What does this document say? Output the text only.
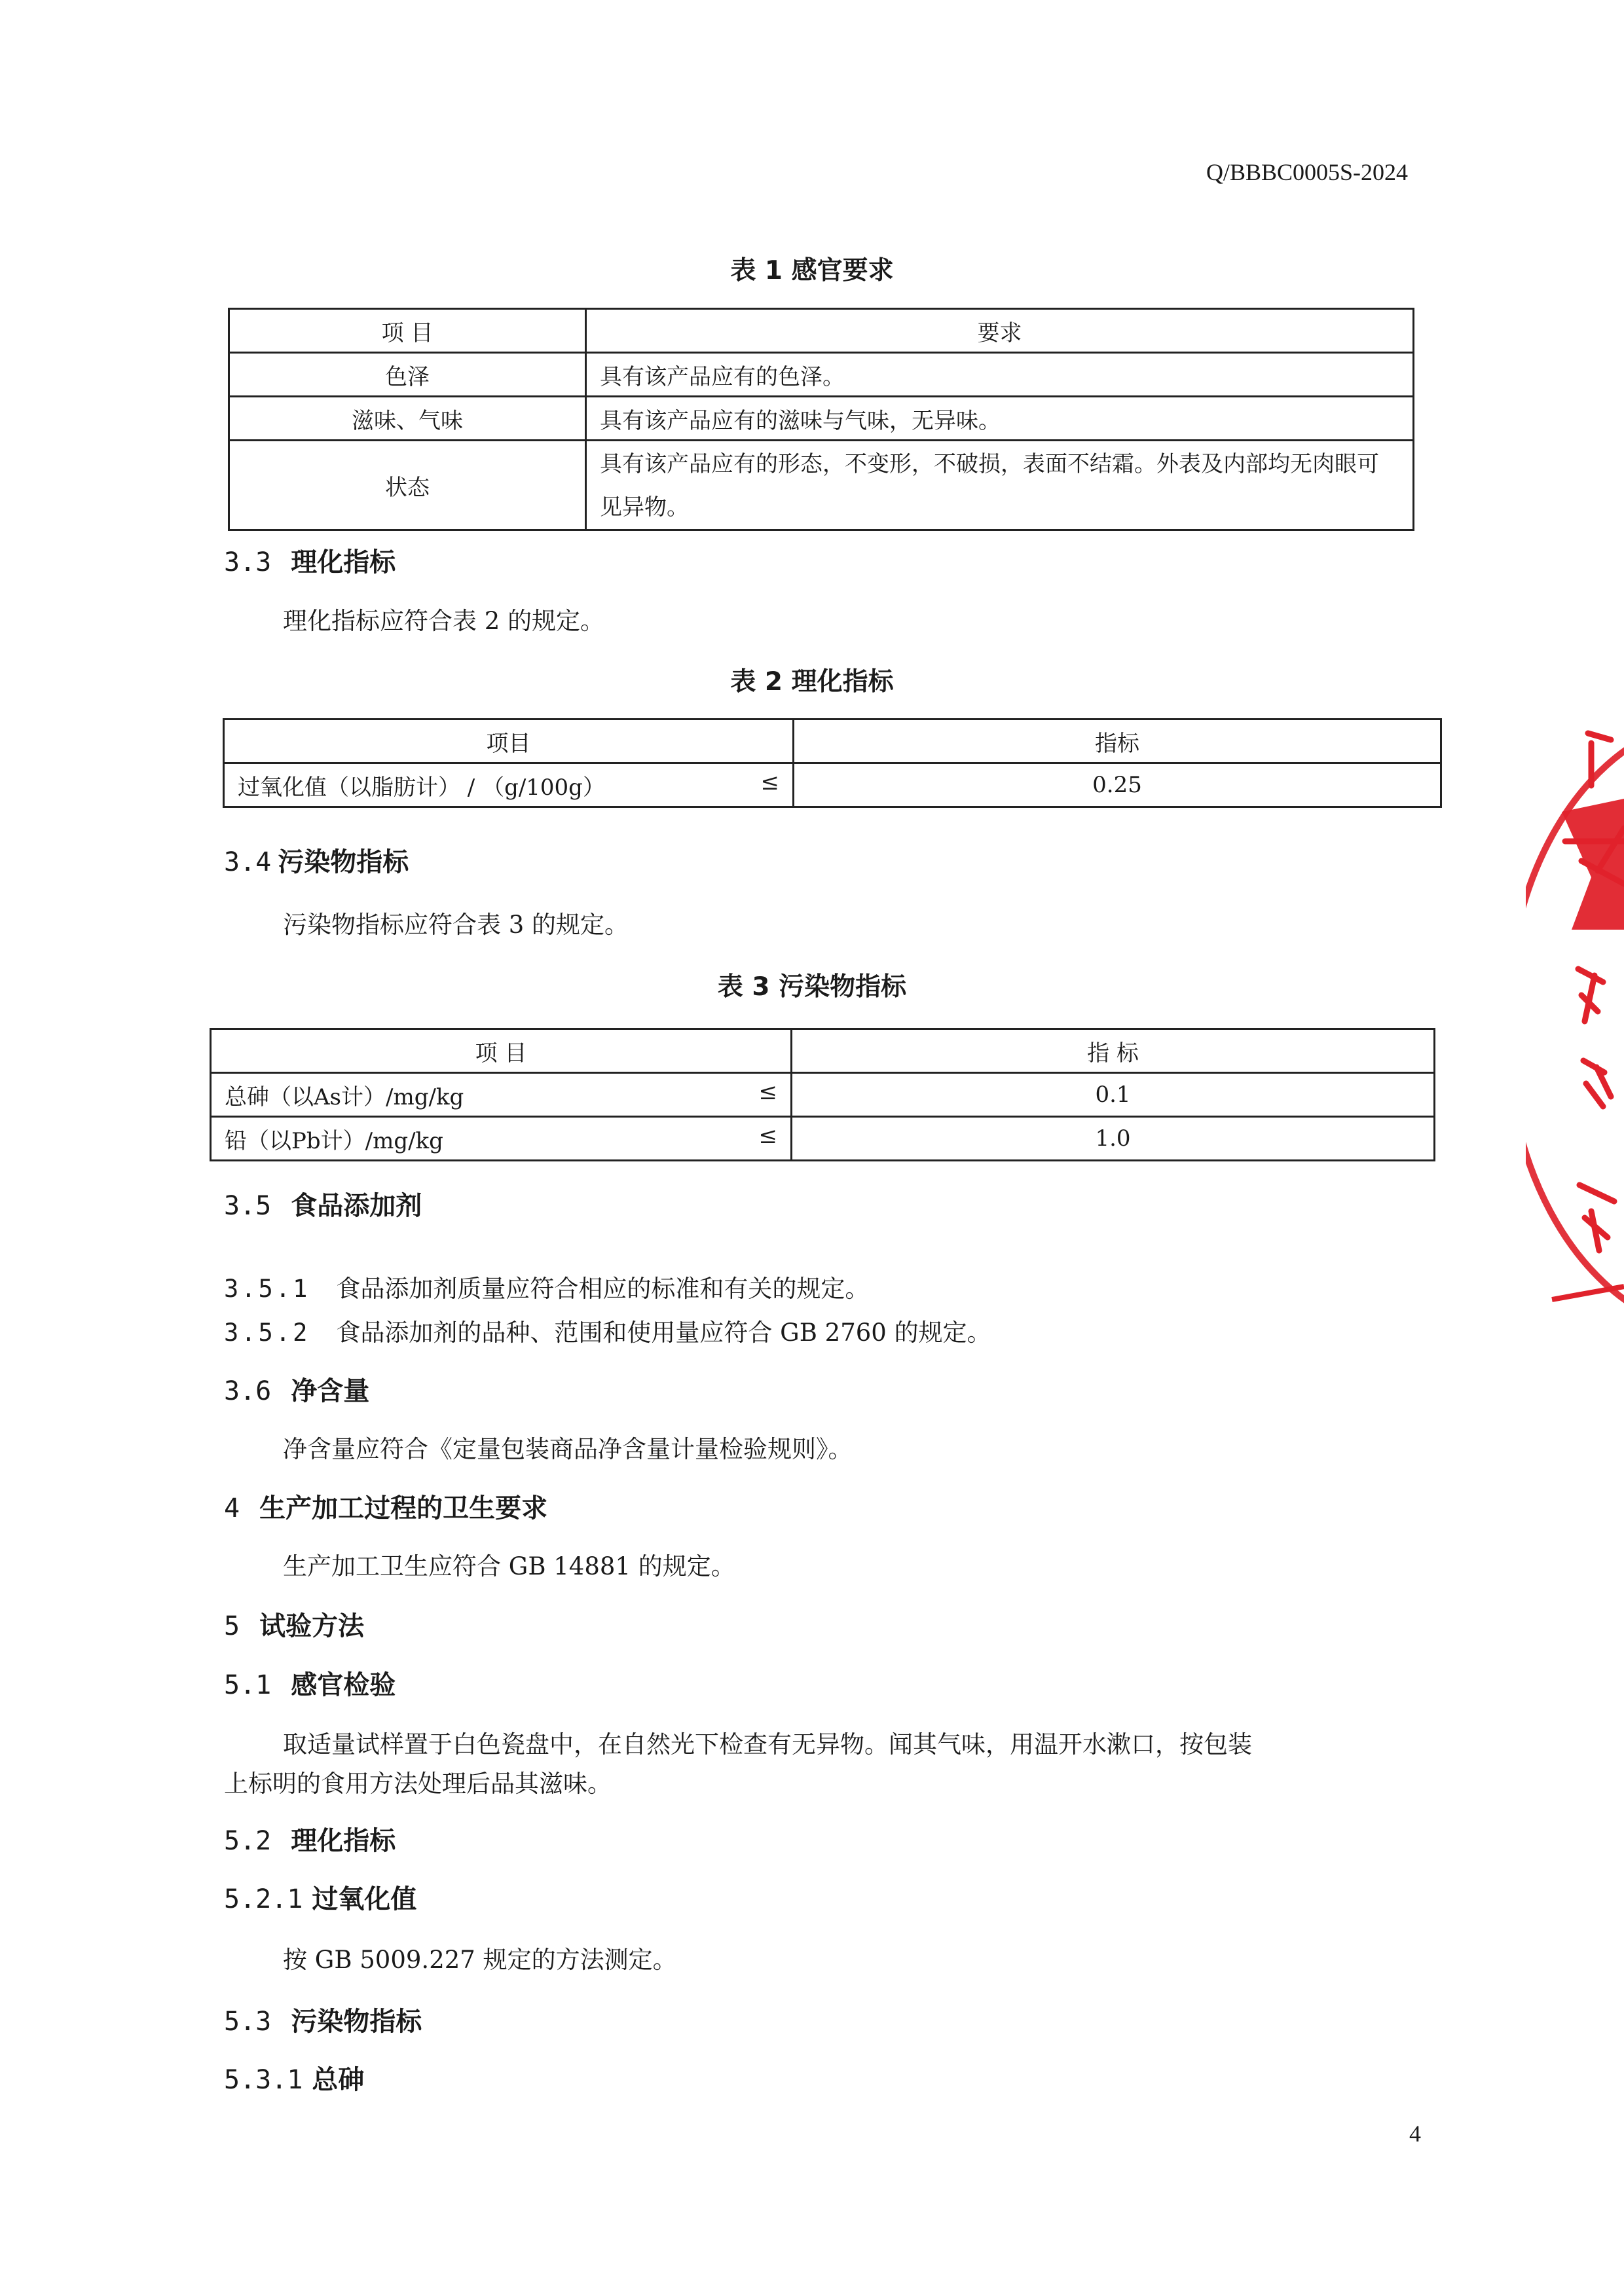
Q/BBBC0005S-2024
表 1 感官要求
项 目	要求
色泽	具有该产品应有的色泽。
滋味、气味	具有该产品应有的滋味与气味，无异味。
状态	具有该产品应有的形态，不变形，不破损，表面不结霜。外表及内部均无肉眼可见异物。
3.3 理化指标
理化指标应符合表 2 的规定。
表 2 理化指标
项目	指标
过氧化值（以脂肪计） / （g/100g） ≤	0.25
3.4 污染物指标
污染物指标应符合表 3 的规定。
表 3 污染物指标
项 目	指 标
总砷（以As计）/mg/kg ≤	0.1
铅（以Pb计）/mg/kg ≤	1.0
3.5 食品添加剂
3.5.1 食品添加剂质量应符合相应的标准和有关的规定。
3.5.2 食品添加剂的品种、范围和使用量应符合 GB 2760 的规定。
3.6 净含量
净含量应符合《定量包装商品净含量计量检验规则》。
4 生产加工过程的卫生要求
生产加工卫生应符合 GB 14881 的规定。
5 试验方法
5.1 感官检验
取适量试样置于白色瓷盘中，在自然光下检查有无异物。闻其气味，用温开水漱口，按包装
上标明的食用方法处理后品其滋味。
5.2 理化指标
5.2.1 过氧化值
按 GB 5009.227 规定的方法测定。
5.3 污染物指标
5.3.1 总砷
4
